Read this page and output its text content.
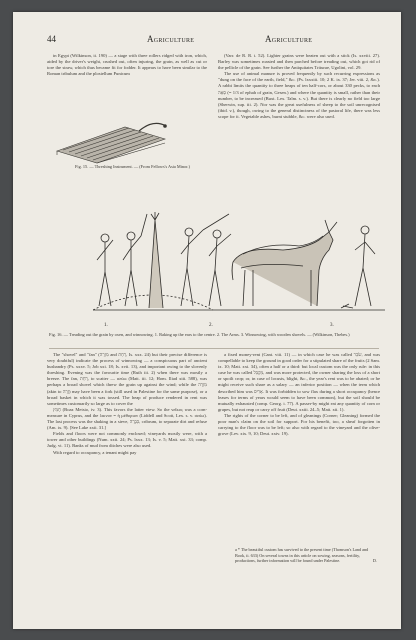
44	Agriculture	Agriculture
Fig. 15. — Threshing Instrument. — (From Fellows's Asia Minor.)

in Egypt (Wilkinson, ii. 190) — a stage with three rollers ridged with iron, which, aided by the driver's weight, crushed out, often injuring, the grain, as well as cut or tore the straw, which thus became fit for fodder. It appears to have been similar to the Roman tribulum and the plostellum Punicum

(Varr. de R. R. i. 52). Lighter grains were beaten out with a stick (Is. xxviii. 27). Barley was sometimes roasted and then parched before treading out, which got rid of the pellicle of the grain. See further the Antiquitates Triturae, Ugolini, vol. 29.

The use of animal manure is proved frequently by such recurring expressions as "dung on the face of the earth, field," &c. (Ps. lxxxiii. 10; 2 K. ix. 37; Jer. viii. 2, &c.). A rabbi limits the quantity to three heaps of ten half-cors, or about 330 pecks, to each סְאָה (= 1/3 of ephah of grain, Gesen.) and where the quantity is small, rather than their number, to be increased (Buxt. Lex. Talm. s. v.). But there is clearly no field too large (Sherwin, sup. iii. 2). Nor was the great usefulness of sheep to the soil unrecognised (ibid. v.), though, owing to the general distinctness of the pastoral life, there was less scope for it. Vegetable ashes, burnt stubble, &c. were also used.

1.	2.	3.
Fig. 16. — Treading out the grain by oxen, and winnowing. 1. Raking up the ears to the centre. 2. The Arms. 3. Winnowing, with wooden shovels. — (Wilkinson, Thebes.)

The "shovel" and "fan" (מִזְרֶה and רַחַת, Is. xxx. 24) but their precise difference is very doubtful) indicate the process of winnowing — a conspicuous part of ancient husbandry (Ps. xxxv. 5; Job xxi. 18; Is. xvii. 13), and important owing to the slovenly threshing. Evening was the favourite time (Ruth iii. 2) when there was mostly a breeze. The fan, רַחַת, to scatter — σεύω (Matt. iii. 12; Hom. Iliad xiii. 588), was perhaps a broad shovel which threw the grain up against the wind; while the מִזְרֶה (akin to זָרָה) may have been a fork (still used in Palestine for the same purpose), or a broad basket in which it was tossed. The heap of produce rendered in rent was sometimes customarily so large as to cover the

חָמֵץ (Boaz Metsio, iv. 3). This favors the latter view. So the νεῖκος was a corn-measure in Cyprus, and the λικνον = ἡ μέθοριον (Liddell and Scott, Lex. s. v. σεύω). The last process was the shaking in a sieve, כְּבָרָה, cribrum, to separate dirt and refuse (Am. ix. 9). [See Lake xxii. 31.]

Fields and floors were not commonly enclosed; vineyards mostly were, with a tower and other buildings (Num. xxii. 24; Ps. lxxx. 13; Is. v. 5; Matt. xxi. 33; comp. Judg. vi. 11). Banks of mud from ditches were also used.

With regard to occupancy, a tenant might pay

a fixed money-rent (Cant. viii. 11) — in which case he was called שֹׂכֵר, and was compellable to keep the ground in good order for a stipulated share of the fruits (2 Sam. ix. 10; Matt. xxi. 34), often a half or a third: but local custom was the only rule: in this case he was called מְקַבֵּל, and was more protected, the owner sharing the loss of a short or spoilt crop; or, in case of locusts, blight, &c., the year's rent was to be abated; or he might receive such share as a salary — an inferior position — when the term which described him was אָרִיס. It was forbidden to sow flax during a short occupancy (hence leases for terms of years would seem to have been common), but the soil should be mutually exhausted (comp. Georg. i. 77). A passer-by might eat any quantity of corn or grapes, but not reap or carry off fruit (Deut. xxiii. 24–5; Matt. xii. 1).

The rights of the corner to be left, and of gleanings (Corner; Gleaning) formed the poor man's claim on the soil for support. For his benefit, too, a sheaf forgotten in carrying to the floor was to be left; so also with regard to the vineyard and the olive-grove (Lev. xix. 9, 10; Deut. xxiv. 19).

a * The beautiful custom has survived to the present time (Thomson's Land and Book, ii. 633) On several towns in this article on sowing, seasons, fertility, productions, further information will be found under Palestine.	D.
